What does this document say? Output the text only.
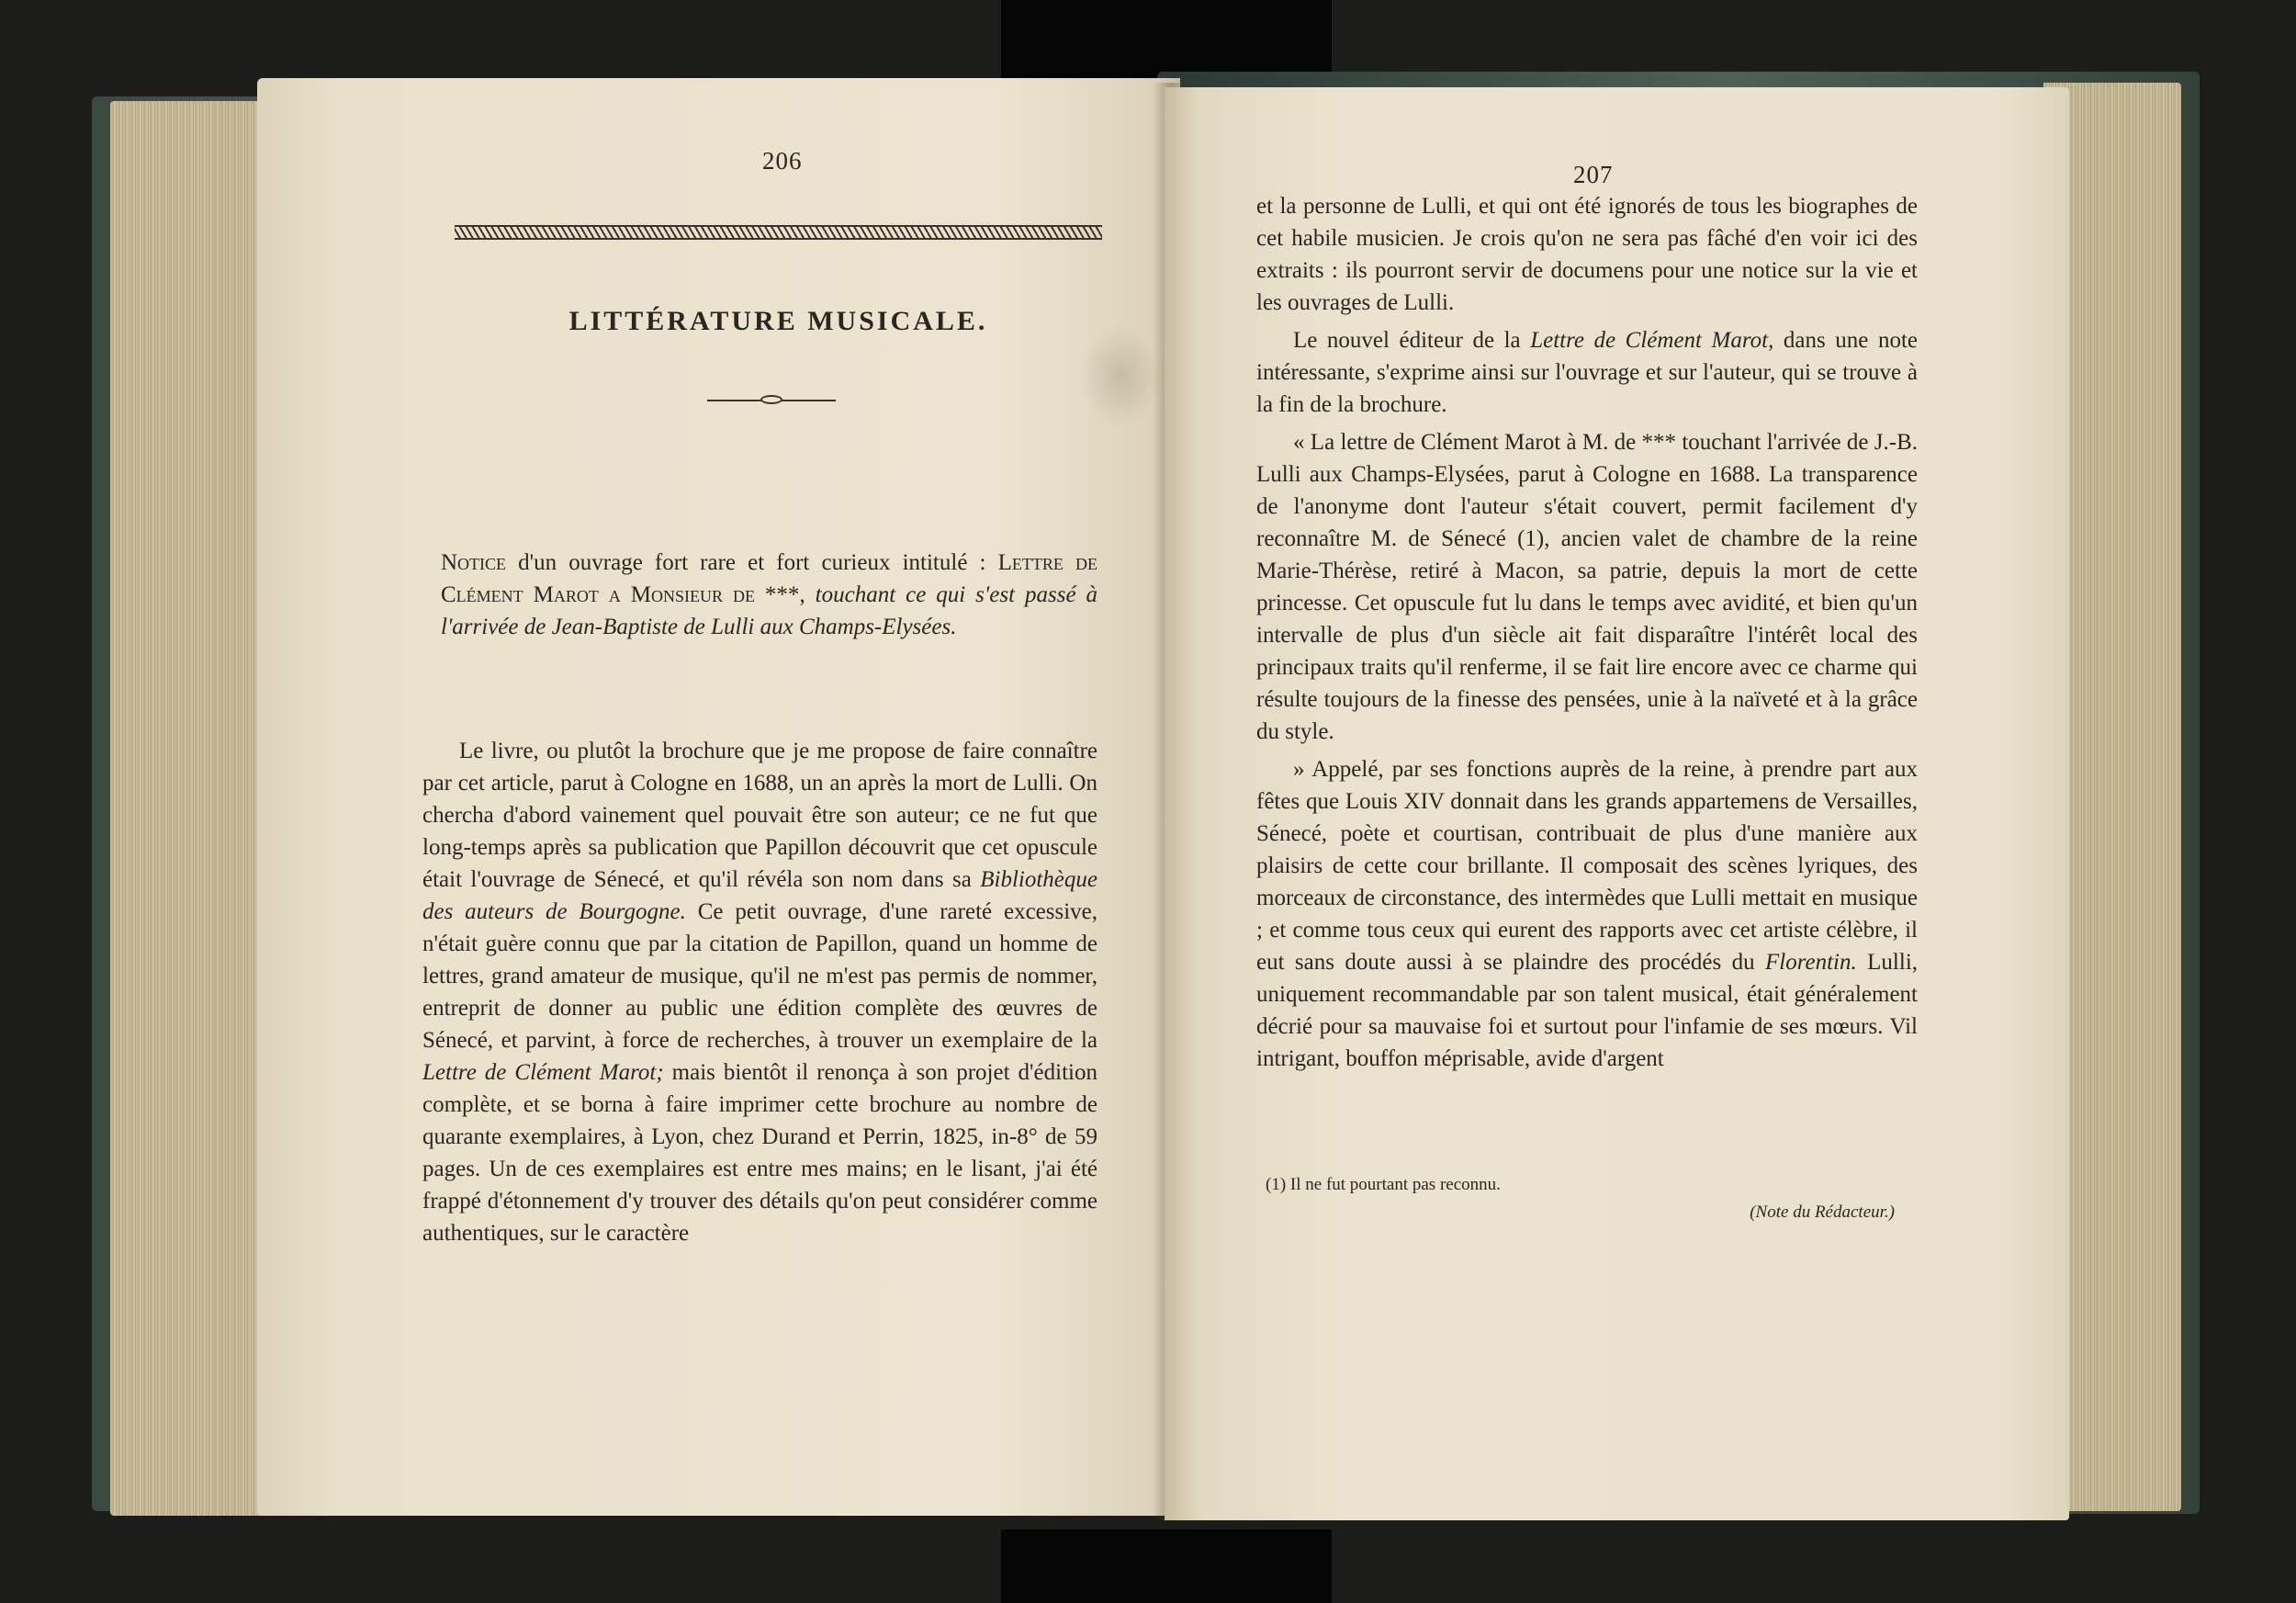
206
LITTÉRATURE MUSICALE.

Notice d'un ouvrage fort rare et fort curieux intitulé : Lettre de Clément Marot a Monsieur de ***, touchant ce qui s'est passé à l'arrivée de Jean-Baptiste de Lulli aux Champs-Elysées.

Le livre, ou plutôt la brochure que je me propose de faire connaître par cet article, parut à Cologne en 1688, un an après la mort de Lulli. On chercha d'abord vainement quel pouvait être son auteur; ce ne fut que long-temps après sa publication que Papillon découvrit que cet opuscule était l'ouvrage de Sénecé, et qu'il révéla son nom dans sa Bibliothèque des auteurs de Bourgogne. Ce petit ouvrage, d'une rareté excessive, n'était guère connu que par la citation de Papillon, quand un homme de lettres, grand amateur de musique, qu'il ne m'est pas permis de nommer, entreprit de donner au public une édition complète des œuvres de Sénecé, et parvint, à force de recherches, à trouver un exemplaire de la Lettre de Clément Marot; mais bientôt il renonça à son projet d'édition complète, et se borna à faire imprimer cette brochure au nombre de quarante exemplaires, à Lyon, chez Durand et Perrin, 1825, in-8° de 59 pages. Un de ces exemplaires est entre mes mains; en le lisant, j'ai été frappé d'étonnement d'y trouver des détails qu'on peut considérer comme authentiques, sur le caractère

207

et la personne de Lulli, et qui ont été ignorés de tous les biographes de cet habile musicien. Je crois qu'on ne sera pas fâché d'en voir ici des extraits : ils pourront servir de documens pour une notice sur la vie et les ouvrages de Lulli.

Le nouvel éditeur de la Lettre de Clément Marot, dans une note intéressante, s'exprime ainsi sur l'ouvrage et sur l'auteur, qui se trouve à la fin de la brochure.

« La lettre de Clément Marot à M. de *** touchant l'arrivée de J.-B. Lulli aux Champs-Elysées, parut à Cologne en 1688. La transparence de l'anonyme dont l'auteur s'était couvert, permit facilement d'y reconnaître M. de Sénecé (1), ancien valet de chambre de la reine Marie-Thérèse, retiré à Macon, sa patrie, depuis la mort de cette princesse. Cet opuscule fut lu dans le temps avec avidité, et bien qu'un intervalle de plus d'un siècle ait fait disparaître l'intérêt local des principaux traits qu'il renferme, il se fait lire encore avec ce charme qui résulte toujours de la finesse des pensées, unie à la naïveté et à la grâce du style.

» Appelé, par ses fonctions auprès de la reine, à prendre part aux fêtes que Louis XIV donnait dans les grands appartemens de Versailles, Sénecé, poète et courtisan, contribuait de plus d'une manière aux plaisirs de cette cour brillante. Il composait des scènes lyriques, des morceaux de circonstance, des intermèdes que Lulli mettait en musique ; et comme tous ceux qui eurent des rapports avec cet artiste célèbre, il eut sans doute aussi à se plaindre des procédés du Florentin. Lulli, uniquement recommandable par son talent musical, était généralement décrié pour sa mauvaise foi et surtout pour l'infamie de ses mœurs. Vil intrigant, bouffon méprisable, avide d'argent

(1) Il ne fut pourtant pas reconnu.

(Note du Rédacteur.)
